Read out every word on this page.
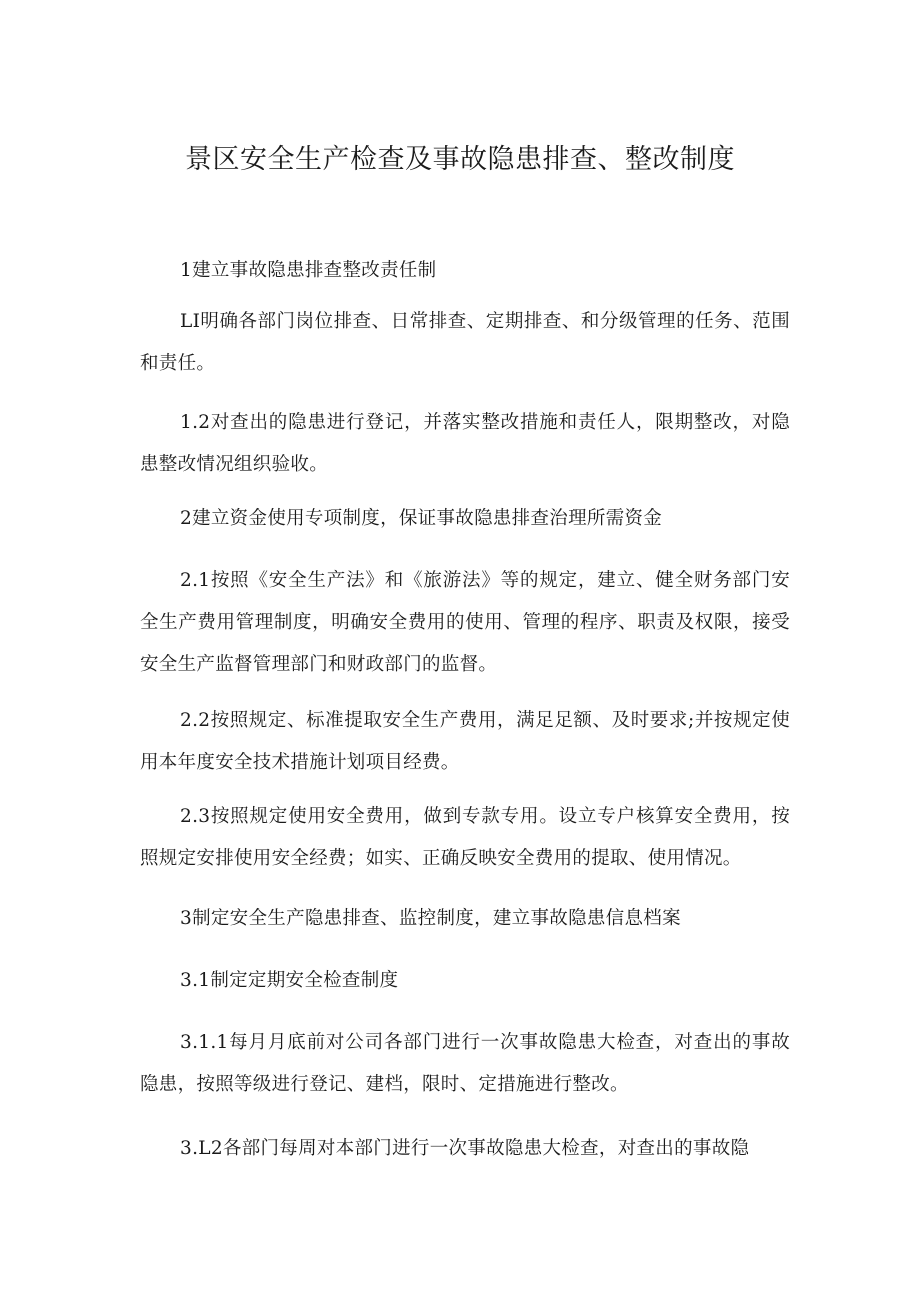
景区安全生产检查及事故隐患排查、整改制度

1建立事故隐患排查整改责任制

LI明确各部门岗位排查、日常排查、定期排查、和分级管理的任务、范围和责任。

1.2对查出的隐患进行登记，并落实整改措施和责任人，限期整改，对隐患整改情况组织验收。

2建立资金使用专项制度，保证事故隐患排查治理所需资金

2.1按照《安全生产法》和《旅游法》等的规定，建立、健全财务部门安全生产费用管理制度，明确安全费用的使用、管理的程序、职责及权限，接受安全生产监督管理部门和财政部门的监督。

2.2按照规定、标准提取安全生产费用，满足足额、及时要求;并按规定使用本年度安全技术措施计划项目经费。

2.3按照规定使用安全费用，做到专款专用。设立专户核算安全费用，按照规定安排使用安全经费；如实、正确反映安全费用的提取、使用情况。

3制定安全生产隐患排查、监控制度，建立事故隐患信息档案

3.1制定定期安全检查制度

3.1.1每月月底前对公司各部门进行一次事故隐患大检查，对查出的事故隐患，按照等级进行登记、建档，限时、定措施进行整改。

3.L2各部门每周对本部门进行一次事故隐患大检查，对查出的事故隐
